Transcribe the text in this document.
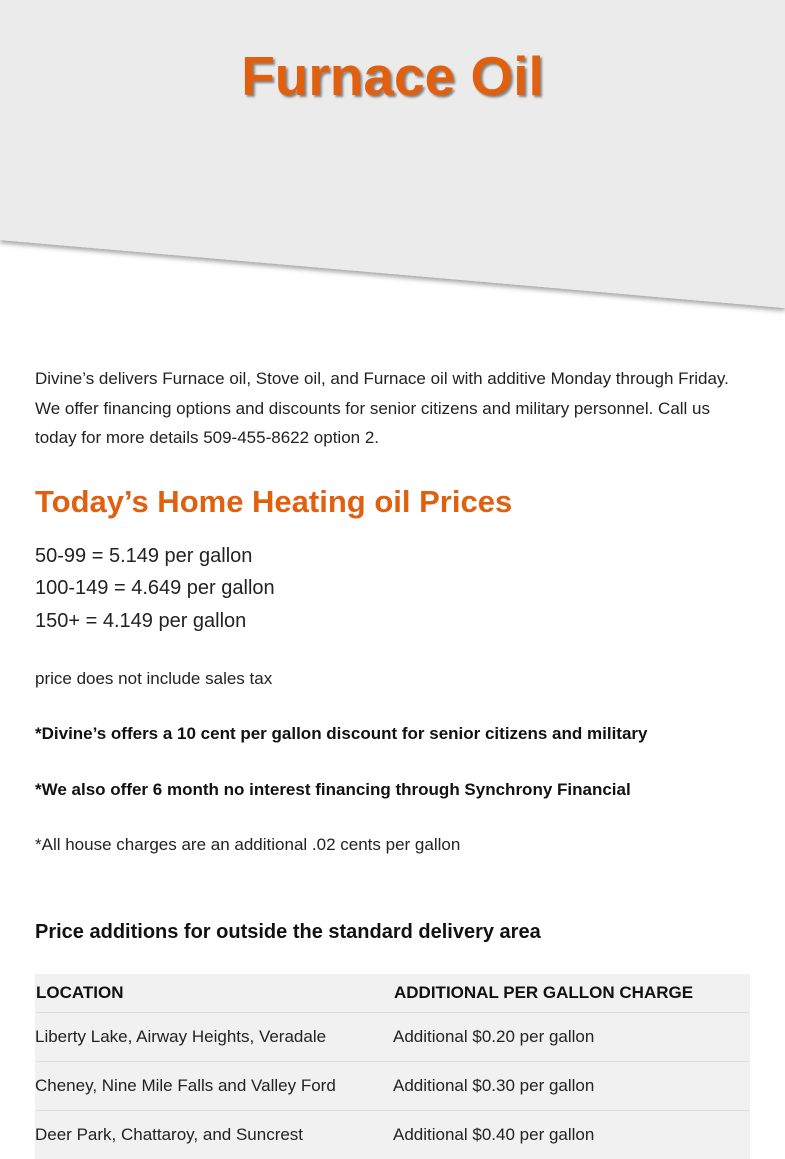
Furnace Oil

Divine’s delivers Furnace oil, Stove oil, and Furnace oil with additive Monday through Friday. We offer financing options and discounts for senior citizens and military personnel. Call us today for more details 509-455-8622 option 2.

Today’s Home Heating oil Prices
50-99 = 5.149 per gallon
100-149 = 4.649 per gallon
150+ = 4.149 per gallon

price does not include sales tax

*Divine’s offers a 10 cent per gallon discount for senior citizens and military

*We also offer 6 month no interest financing through Synchrony Financial

*All house charges are an additional .02 cents per gallon

Price additions for outside the standard delivery area
LOCATION	ADDITIONAL PER GALLON CHARGE
Liberty Lake, Airway Heights, Veradale	Additional $0.20 per gallon
Cheney, Nine Mile Falls and Valley Ford	Additional $0.30 per gallon
Deer Park, Chattaroy, and Suncrest	Additional $0.40 per gallon
